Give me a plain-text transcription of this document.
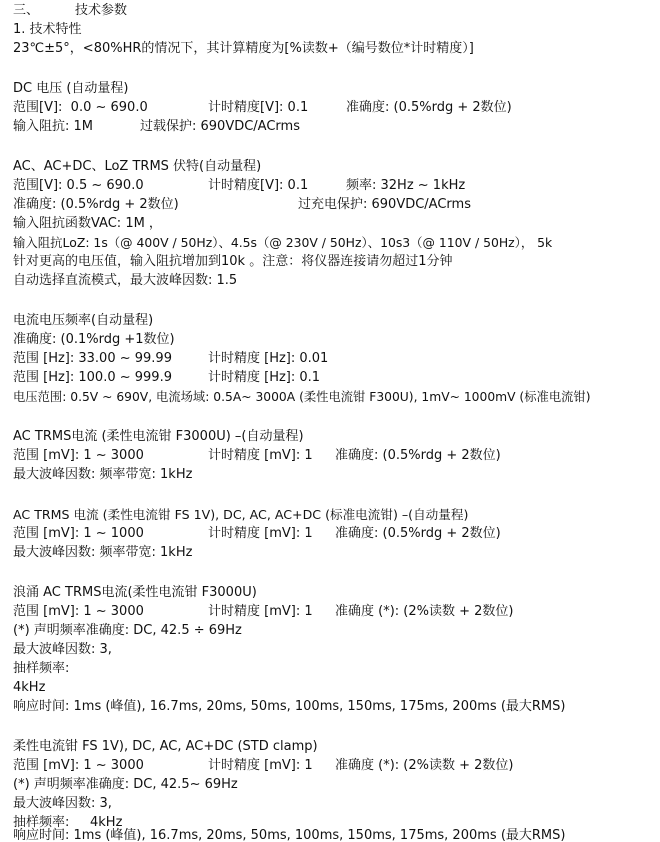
三、	技术参数
1. 技术特性
23℃±5°，<80%HR的情况下，其计算精度为[%读数+（编号数位*计时精度）]
DC 电压 (自动量程)
范围[V]:  0.0 ~ 690.0	计时精度[V]: 0.1	准确度: (0.5%rdg + 2数位)
输入阻抗: 1M	过载保护: 690VDC/ACrms
AC、AC+DC、LoZ TRMS 伏特(自动量程)
范围[V]: 0.5 ~ 690.0	计时精度[V]: 0.1	频率: 32Hz ~ 1kHz
准确度: (0.5%rdg + 2数位)	过充电保护: 690VDC/ACrms
输入阻抗函数VAC: 1M ，
输入阻抗LoZ: 1s（@ 400V / 50Hz）、4.5s（@ 230V / 50Hz）、10s3（@ 110V / 50Hz）， 5k
针对更高的电压值，输入阻抗增加到10k 。注意：将仪器连接请勿超过1分钟
自动选择直流模式，最大波峰因数: 1.5
电流电压频率(自动量程)
准确度: (0.1%rdg +1数位)
范围 [Hz]: 33.00 ~ 99.99	计时精度 [Hz]: 0.01
范围 [Hz]: 100.0 ~ 999.9	计时精度 [Hz]: 0.1
电压范围: 0.5V ~ 690V, 电流场域: 0.5A~ 3000A (柔性电流钳 F300U), 1mV~ 1000mV (标准电流钳)
AC TRMS电流 (柔性电流钳 F3000U) –(自动量程)
范围 [mV]: 1 ~ 3000	计时精度 [mV]: 1 准确度: (0.5%rdg + 2数位)
最大波峰因数: 频率带宽: 1kHz
AC TRMS 电流 (柔性电流钳 FS 1V), DC, AC, AC+DC (标准电流钳) –(自动量程)
范围 [mV]: 1 ~ 1000	计时精度 [mV]: 1 准确度: (0.5%rdg + 2数位)
最大波峰因数: 频率带宽: 1kHz
浪涌 AC TRMS电流(柔性电流钳 F3000U)
范围 [mV]: 1 ~ 3000	计时精度 [mV]: 1 准确度 (*): (2%读数 + 2数位)
(*) 声明频率准确度: DC, 42.5 ÷ 69Hz
最大波峰因数: 3,
抽样频率:
4kHz
响应时间: 1ms (峰值), 16.7ms, 20ms, 50ms, 100ms, 150ms, 175ms, 200ms (最大RMS)
柔性电流钳 FS 1V), DC, AC, AC+DC (STD clamp)
范围 [mV]: 1 ~ 3000	计时精度 [mV]: 1 准确度 (*): (2%读数 + 2数位)
(*) 声明频率准确度: DC, 42.5~ 69Hz
最大波峰因数: 3,
抽样频率: 4kHz
响应时间: 1ms (峰值), 16.7ms, 20ms, 50ms, 100ms, 150ms, 175ms, 200ms (最大RMS)
